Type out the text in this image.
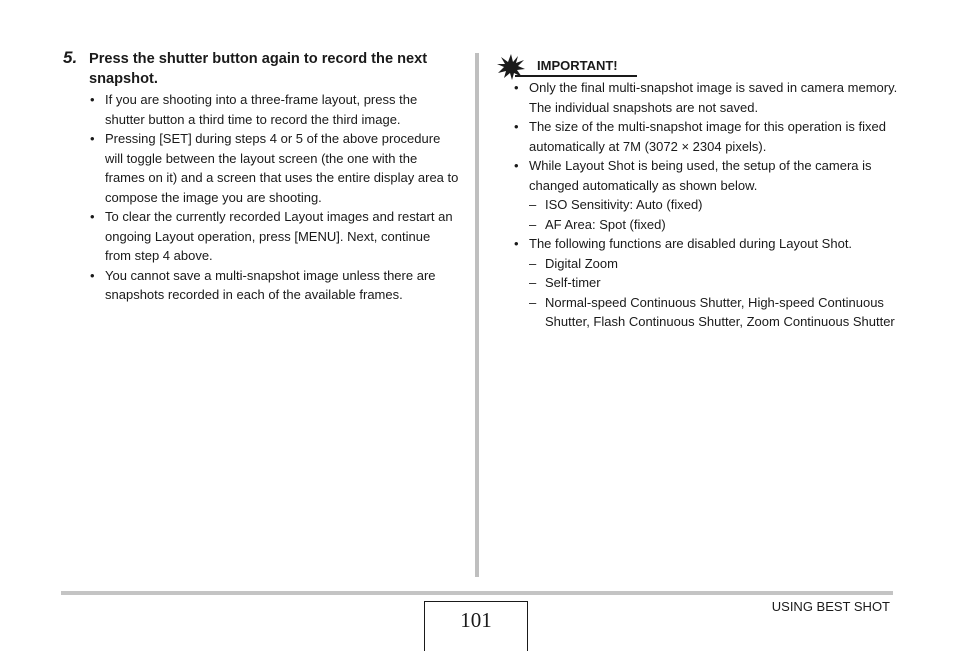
5. Press the shutter button again to record the next snapshot.
• If you are shooting into a three-frame layout, press the shutter button a third time to record the third image.
• Pressing [SET] during steps 4 or 5 of the above procedure will toggle between the layout screen (the one with the frames on it) and a screen that uses the entire display area to compose the image you are shooting.
• To clear the currently recorded Layout images and restart an ongoing Layout operation, press [MENU]. Next, continue from step 4 above.
• You cannot save a multi-snapshot image unless there are snapshots recorded in each of the available frames.
IMPORTANT!
• Only the final multi-snapshot image is saved in camera memory. The individual snapshots are not saved.
• The size of the multi-snapshot image for this operation is fixed automatically at 7M (3072 × 2304 pixels).
• While Layout Shot is being used, the setup of the camera is changed automatically as shown below.
– ISO Sensitivity: Auto (fixed)
– AF Area: Spot (fixed)
• The following functions are disabled during Layout Shot.
– Digital Zoom
– Self-timer
– Normal-speed Continuous Shutter, High-speed Continuous Shutter, Flash Continuous Shutter, Zoom Continuous Shutter
101
USING BEST SHOT
